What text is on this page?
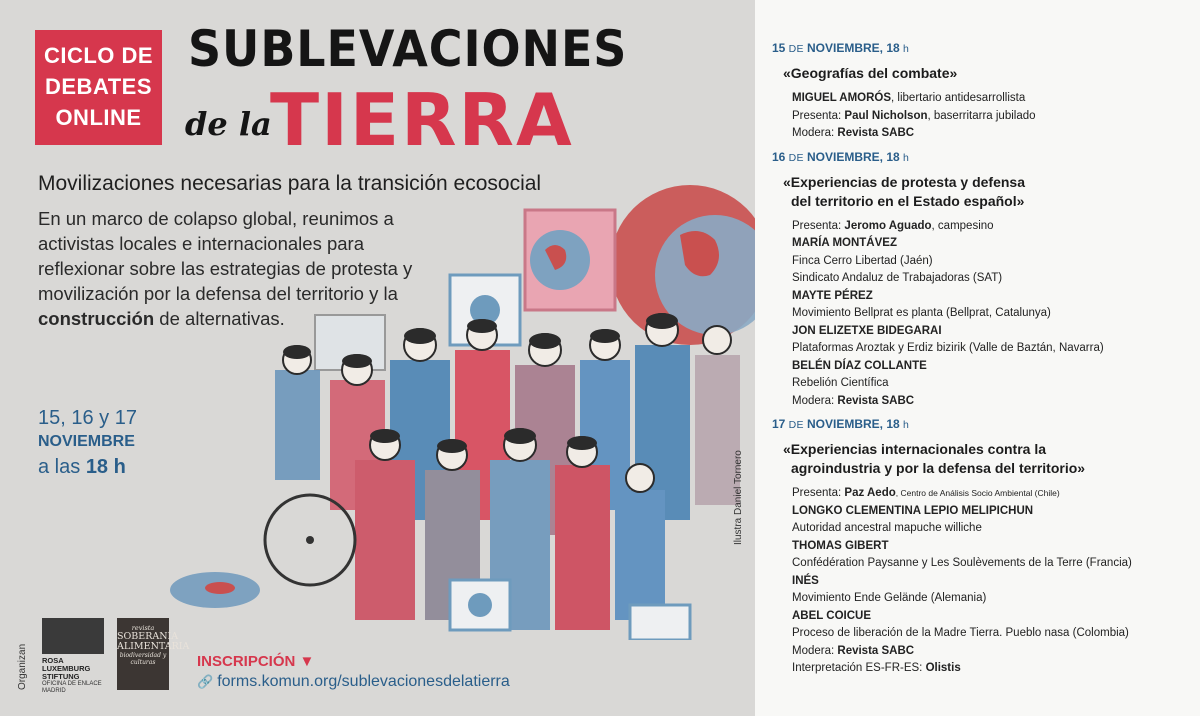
CICLO DE
DEBATES
ONLINE
SUBLEVACIONES
de la
TIERRA
Movilizaciones necesarias para la transición ecosocial
En un marco de colapso global, reunimos a activistas locales e internacionales para reflexionar sobre las estrategias de protesta y movilización por la defensa del territorio y la construcción de alternativas.
15, 16 y 17
NOVIEMBRE
a las 18 h	Ilustra Daniel Tornero
Organizan ROSA LUXEMBURG STIFTUNG
OFICINA DE ENLACE MADRID
revista
SOBERANÍA ALIMENTARIA
biodiversidad y culturas	INSCRIPCIÓN ▼
🔗 forms.komun.org/sublevacionesdelatierra
15 DE NOVIEMBRE, 18 h
«Geografías del combate»
MIGUEL AMORÓS, libertario antidesarrollista
Presenta: Paul Nicholson, baserritarra jubilado
Modera: Revista SABC
16 DE NOVIEMBRE, 18 h
«Experiencias de protesta y defensa
del territorio en el Estado español»
Presenta: Jeromo Aguado, campesino
MARÍA MONTÁVEZ
Finca Cerro Libertad (Jaén)
Sindicato Andaluz de Trabajadoras (SAT)
MAYTE PÉREZ
Movimiento Bellprat es planta (Bellprat, Catalunya)
JON ELIZETXE BIDEGARAI
Plataformas Aroztak y Erdiz bizirik (Valle de Baztán, Navarra)
BELÉN DÍAZ COLLANTE
Rebelión Científica
Modera: Revista SABC
17 DE NOVIEMBRE, 18 h
«Experiencias internacionales contra la
agroindustria y por la defensa del territorio»
Presenta: Paz Aedo, Centro de Análisis Socio Ambiental (Chile)
LONGKO CLEMENTINA LEPIO MELIPICHUN
Autoridad ancestral mapuche williche
THOMAS GIBERT
Confédération Paysanne y Les Soulèvements de la Terre (Francia)
INÉS
Movimiento Ende Gelände (Alemania)
ABEL COICUE
Proceso de liberación de la Madre Tierra. Pueblo nasa (Colombia)
Modera: Revista SABC
Interpretación ES-FR-ES: Olistis
